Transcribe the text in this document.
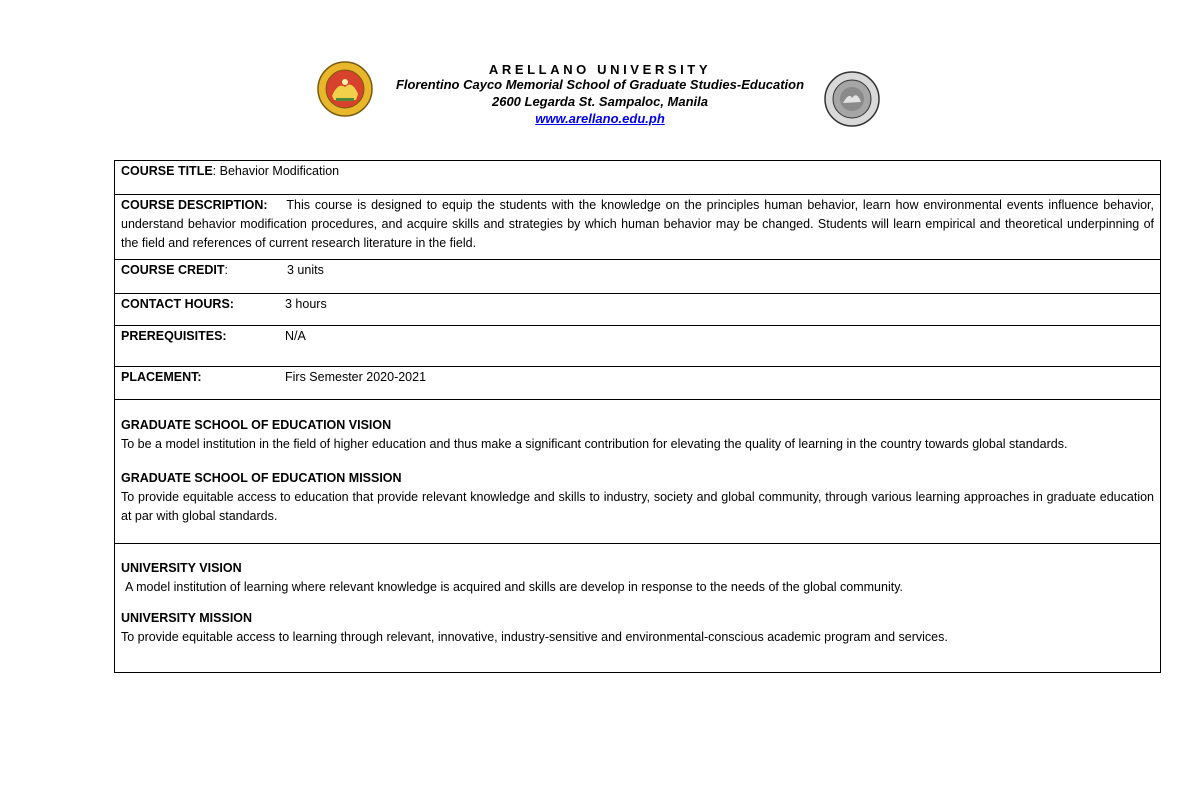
ARELLANO UNIVERSITY
Florentino Cayco Memorial School of Graduate Studies-Education
2600 Legarda St. Sampaloc, Manila
www.arellano.edu.ph
COURSE TITLE: Behavior Modification
COURSE DESCRIPTION: This course is designed to equip the students with the knowledge on the principles human behavior, learn how environmental events influence behavior, understand behavior modification procedures, and acquire skills and strategies by which human behavior may be changed. Students will learn empirical and theoretical underpinning of the field and references of current research literature in the field.
COURSE CREDIT:	3 units
CONTACT HOURS:	3 hours
PREREQUISITES:	N/A
PLACEMENT:	Firs Semester 2020-2021
GRADUATE SCHOOL OF EDUCATION VISION
To be a model institution in the field of higher education and thus make a significant contribution for elevating the quality of learning in the country towards global standards.
GRADUATE SCHOOL OF EDUCATION MISSION
To provide equitable access to education that provide relevant knowledge and skills to industry, society and global community, through various learning approaches in graduate education at par with global standards.
UNIVERSITY VISION
A model institution of learning where relevant knowledge is acquired and skills are develop in response to the needs of the global community.
UNIVERSITY MISSION
To provide equitable access to learning through relevant, innovative, industry-sensitive and environmental-conscious academic program and services.
